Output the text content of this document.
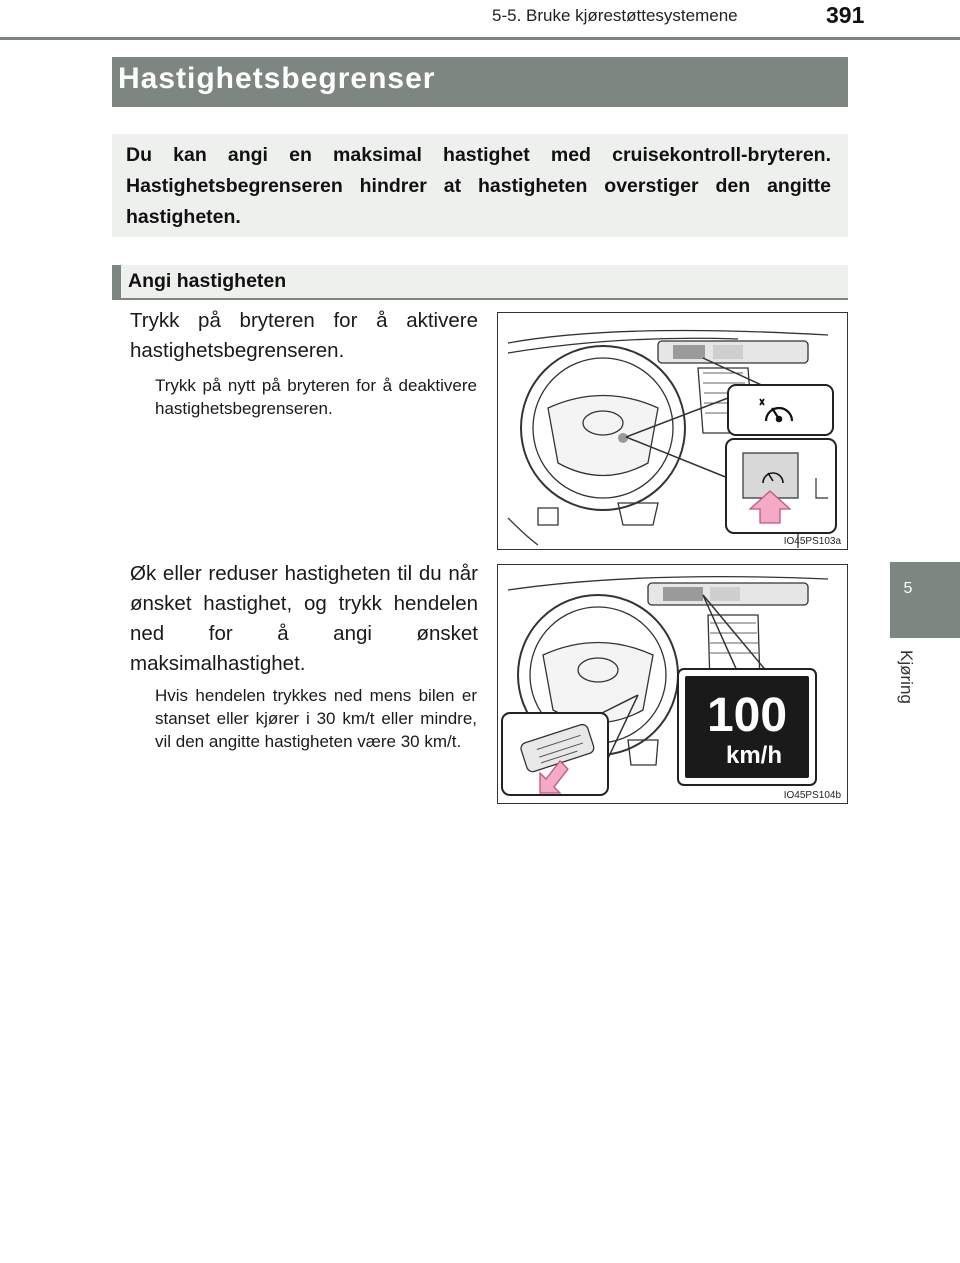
5-5. Bruke kjørestøttesystemene	391
5
Kjøring
Hastighetsbegrenser
Du kan angi en maksimal hastighet med cruisekontroll-bryteren. Hastighetsbegrenseren hindrer at hastigheten overstiger den angitte hastigheten.
Angi hastigheten
Trykk på bryteren for å aktivere hastighetsbegrenseren.
Trykk på nytt på bryteren for å deaktivere hastighetsbegrenseren.
Øk eller reduser hastigheten til du når ønsket hastighet, og trykk hendelen ned for å angi ønsket maksimalhastighet.
Hvis hendelen trykkes ned mens bilen er stanset eller kjører i 30 km/t eller mindre, vil den angitte hastigheten være 30 km/t.
IO45PS103a
100
km/h
IO45PS104b
